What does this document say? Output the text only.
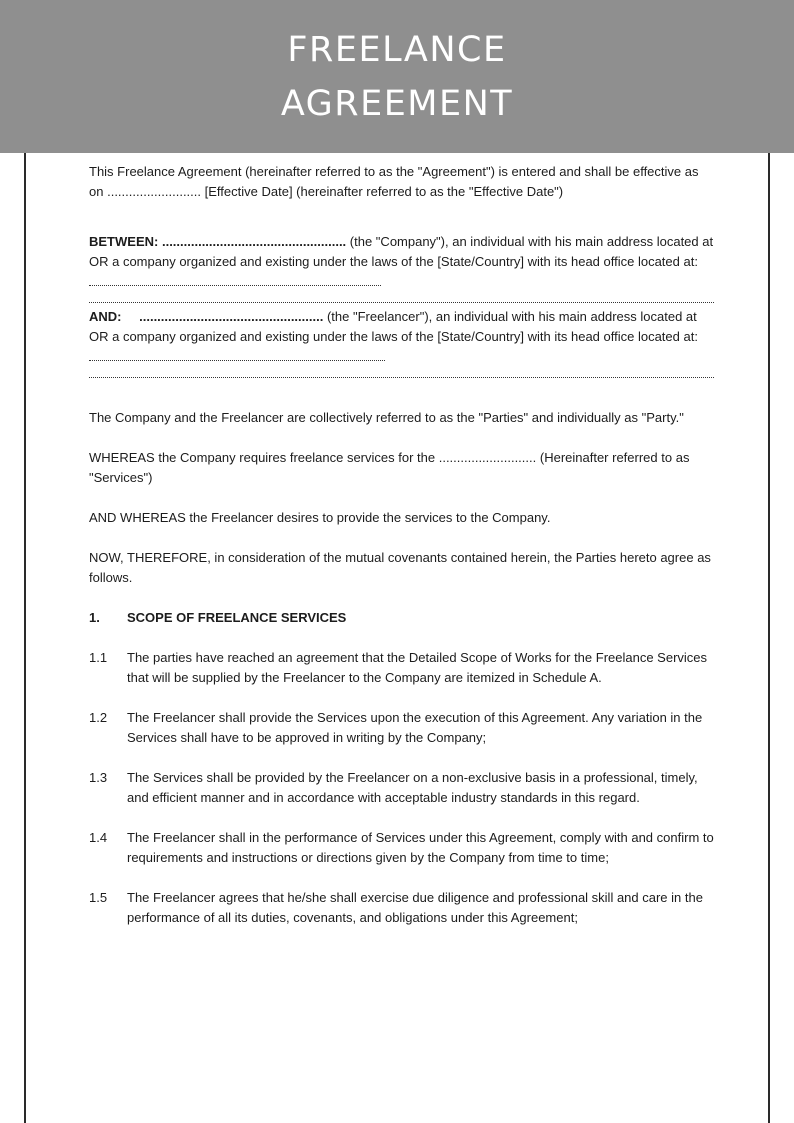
FREELANCE
AGREEMENT
This Freelance Agreement (hereinafter referred to as the "Agreement") is entered and shall be effective as on .......................... [Effective Date] (hereinafter referred to as the "Effective Date")
BETWEEN: ................................................... (the "Company"), an individual with his main address located at OR a company organized and existing under the laws of the [State/Country] with its head office located at:
AND: ................................................... (the "Freelancer"), an individual with his main address located at OR a company organized and existing under the laws of the [State/Country] with its head office located at:
The Company and the Freelancer are collectively referred to as the "Parties" and individually as "Party."
WHEREAS the Company requires freelance services for the ........................... (Hereinafter referred to as "Services")
AND WHEREAS the Freelancer desires to provide the services to the Company.
NOW, THEREFORE, in consideration of the mutual covenants contained herein, the Parties hereto agree as follows.
1.	SCOPE OF FREELANCE SERVICES
1.1	The parties have reached an agreement that the Detailed Scope of Works for the Freelance Services that will be supplied by the Freelancer to the Company are itemized in Schedule A.
1.2	The Freelancer shall provide the Services upon the execution of this Agreement. Any variation in the Services shall have to be approved in writing by the Company;
1.3	The Services shall be provided by the Freelancer on a non-exclusive basis in a professional, timely, and efficient manner and in accordance with acceptable industry standards in this regard.
1.4	The Freelancer shall in the performance of Services under this Agreement, comply with and confirm to requirements and instructions or directions given by the Company from time to time;
1.5	The Freelancer agrees that he/she shall exercise due diligence and professional skill and care in the performance of all its duties, covenants, and obligations under this Agreement;
